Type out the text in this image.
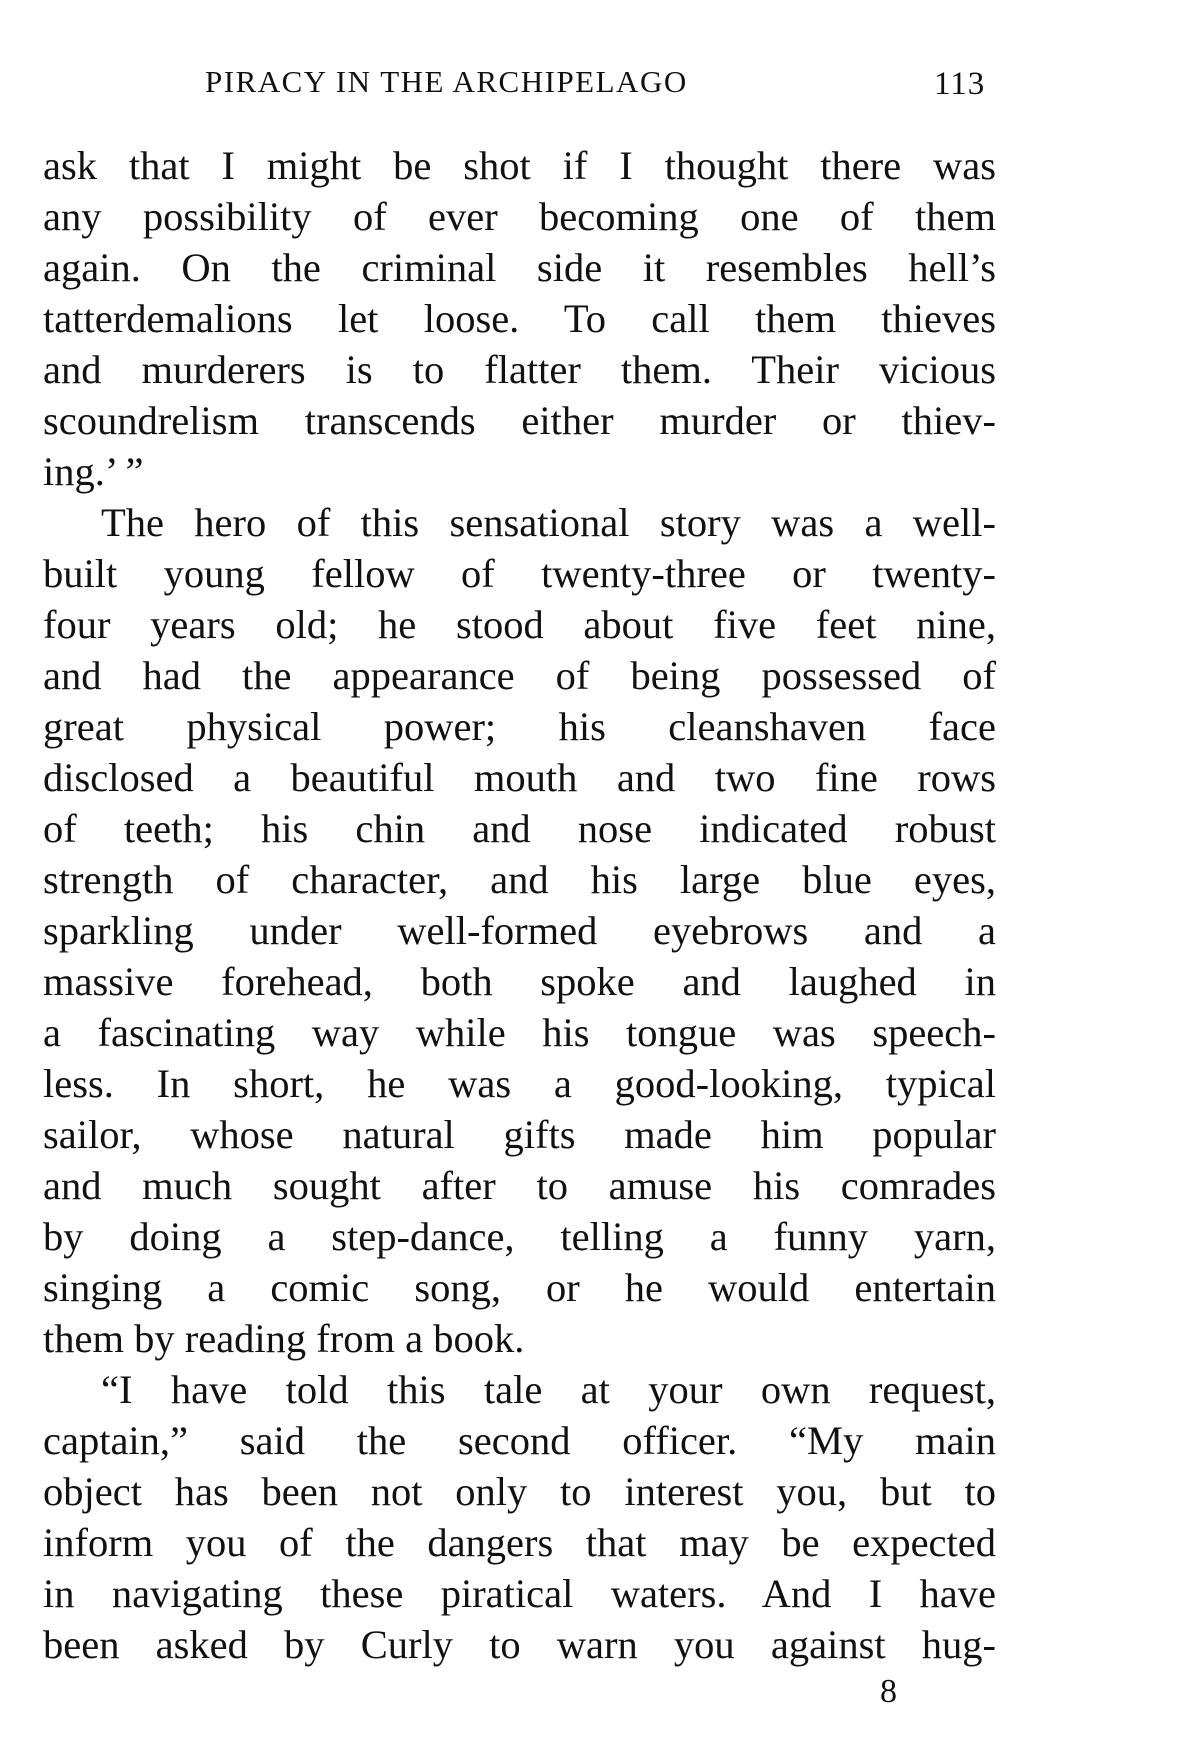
PIRACY IN THE ARCHIPELAGO	113
ask that I might be shot if I thought there was
any possibility of ever becoming one of them
again. On the criminal side it resembles hell’s
tatterdemalions let loose. To call them thieves
and murderers is to flatter them. Their vicious
scoundrelism transcends either murder or thiev-
ing.’ ”
The hero of this sensational story was a well-
built young fellow of twenty-three or twenty-
four years old; he stood about five feet nine,
and had the appearance of being possessed of
great physical power; his cleanshaven face
disclosed a beautiful mouth and two fine rows
of teeth; his chin and nose indicated robust
strength of character, and his large blue eyes,
sparkling under well-formed eyebrows and a
massive forehead, both spoke and laughed in
a fascinating way while his tongue was speech-
less. In short, he was a good-looking, typical
sailor, whose natural gifts made him popular
and much sought after to amuse his comrades
by doing a step-dance, telling a funny yarn,
singing a comic song, or he would entertain
them by reading from a book.
“I have told this tale at your own request,
captain,” said the second officer. “My main
object has been not only to interest you, but to
inform you of the dangers that may be expected
in navigating these piratical waters. And I have
been asked by Curly to warn you against hug-
8
